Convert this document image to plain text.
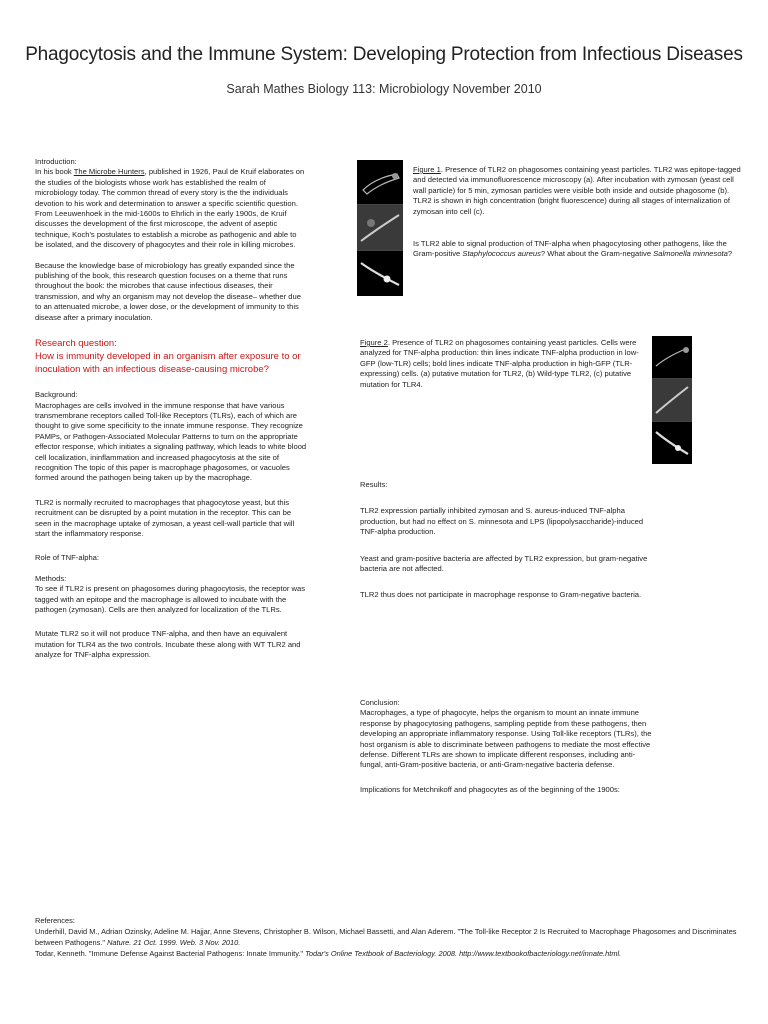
Phagocytosis and the Immune System: Developing Protection from Infectious Diseases
Sarah Mathes Biology 113: Microbiology November 2010
Introduction:

In his book The Microbe Hunters, published in 1926, Paul de Kruif elaborates on the studies of the biologists whose work has established the realm of microbiology today. The common thread of every story is the the individuals devotion to his work and determination to answer a specific scientific question. From Leeuwenhoek in the mid-1600s to Ehrlich in the early 1900s, de Kruif discusses the development of the first microscope, the advent of aseptic technique, Koch's postulates to establish a microbe as pathogenic and able to be isolated, and the discovery of phagocytes and their role in killing microbes.

Because the knowledge base of microbiology has greatly expanded since the publishing of the book, this research question focuses on a theme that runs throughout the book: the microbes that cause infectious diseases, their transmission, and why an organism may not develop the disease– whether due to an attenuated microbe, a lower dose, or the development of immunity to this disease after a primary inoculation.

Research question:
How is immunity developed in an organism after exposure to or inoculation with an infectious disease-causing microbe?
Background:

Macrophages are cells involved in the immune response that have various transmembrane receptors called Toll-like Receptors (TLRs), each of which are thought to give some specificity to the innate immune response. They recognize PAMPs, or Pathogen-Associated Molecular Patterns to turn on the appropriate effector response, which initiates a signaling pathway, which leads to white blood cell localization, ininflammation and increased phagocytosis at the site of recognition The topic of this paper is macrophage phagosomes, or vacuoles formed around the pathogen being taken up by the macrophage.

TLR2 is normally recruited to macrophages that phagocytose yeast, but this recruitment can be disrupted by a point mutation in the receptor. This can be seen in the macrophage uptake of zymosan, a yeast cell-wall particle that will start the inflammatory response.

Role of TNF-alpha:

Methods:

To see if TLR2 is present on phagosomes during phagocytosis, the receptor was tagged with an epitope and the macrophage is allowed to incubate with the pathogen (zymosan). Cells are then analyzed for localization of the TLRs.

Mutate TLR2 so it will not produce TNF-alpha, and then have an equivalent mutation for TLR4 as the two controls. Incubate these along with WT TLR2 and analyze for TNF-alpha expression.

Figure 1. Presence of TLR2 on phagosomes containing yeast particles. TLR2 was epitope-tagged and detected via immunofluorescence microscopy (a). After incubation with zymosan (yeast cell wall particle) for 5 min, zymosan particles were visible both inside and outside phagosome (b). TLR2 is shown in high concentration (bright fluorescence) during all stages of internalization of zymosan into cell (c).

Is TLR2 able to signal production of TNF-alpha when phagocytosing other pathogens, like the Gram-positive Staphylococcus aureus? What about the Gram-negative Salmonella minnesota?

Figure 2. Presence of TLR2 on phagosomes containing yeast particles. Cells were analyzed for TNF-alpha production: thin lines indicate TNF-alpha production in low-GFP (low-TLR) cells; bold lines indicate TNF-alpha production in high-GFP (TLR-expressing) cells. (a) putative mutation for TLR2, (b) Wild-type TLR2, (c) putative mutation for TLR4.

Results:

TLR2 expression partially inhibited zymosan and S. aureus-induced TNF-alpha production, but had no effect on S. minnesota and LPS (lipopolysaccharide)-induced TNF-alpha production.

Yeast and gram-positive bacteria are affected by TLR2 expression, but gram-negative bacteria are not affected.

TLR2 thus does not participate in macrophage response to Gram-negative bacteria.

Conclusion:

Macrophages, a type of phagocyte, helps the organism to mount an innate immune response by phagocytosing pathogens, sampling peptide from these pathogens, then developing an appropriate inflammatory response. Using Toll-like receptors (TLRs), the host organism is able to discriminate between pathogens to mediate the most effective defense. Different TLRs are shown to implicate different responses, including anti-fungal, anti-Gram-positive bacteria, or anti-Gram-negative bacteria defense.

Implications for Metchnikoff and phagocytes as of the beginning of the 1900s:

References:

Underhill, David M., Adrian Ozinsky, Adeline M. Hajjar, Anne Stevens, Christopher B. Wilson, Michael Bassetti, and Alan Aderem. "The Toll-like Receptor 2 Is Recruited to Macrophage Phagosomes and Discriminates between Pathogens." Nature. 21 Oct. 1999. Web. 3 Nov. 2010.

Todar, Kenneth. "Immune Defense Against Bacterial Pathogens: Innate Immunity." Todar's Online Textbook of Bacteriology. 2008. http://www.textbookofbacteriology.net/innate.html.
